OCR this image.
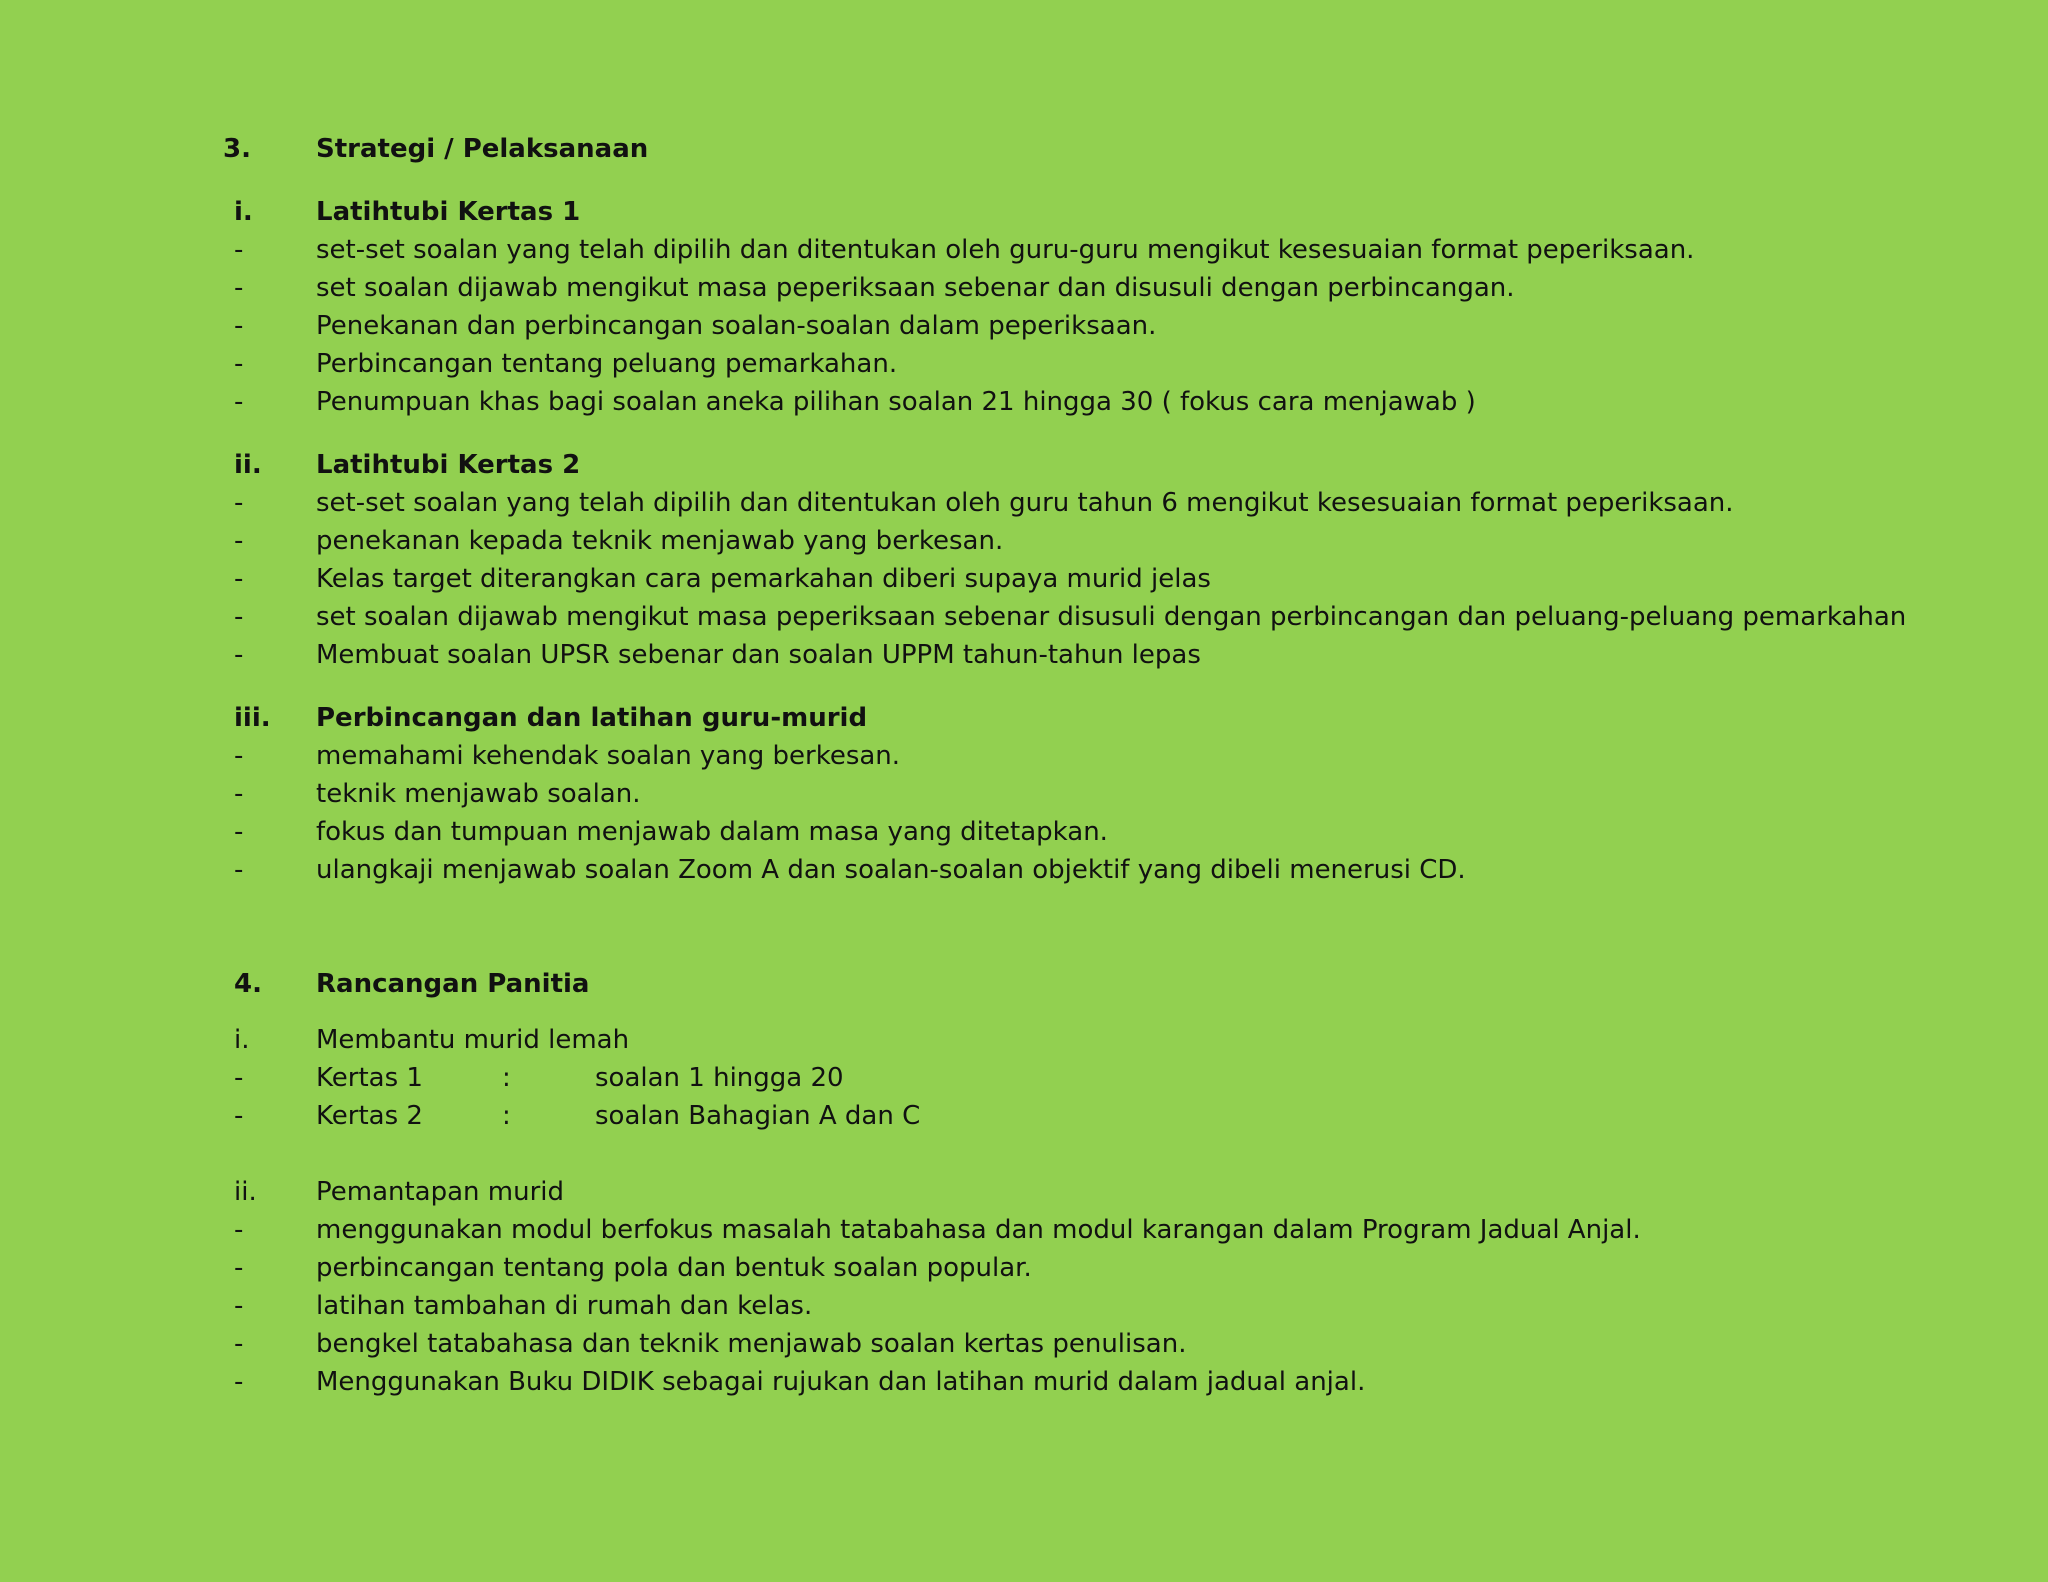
3.	Strategi / Pelaksanaan
i. Latihtubi Kertas 1
-	set-set soalan yang telah dipilih dan ditentukan oleh guru-guru mengikut kesesuaian format peperiksaan.
-	set soalan dijawab mengikut masa peperiksaan sebenar dan disusuli dengan perbincangan.
-	Penekanan dan perbincangan soalan-soalan dalam peperiksaan.
-	Perbincangan tentang peluang pemarkahan.
-	Penumpuan khas bagi soalan aneka pilihan soalan 21 hingga 30 ( fokus cara menjawab )
ii. Latihtubi Kertas 2
-	set-set soalan yang telah dipilih dan ditentukan oleh guru tahun 6 mengikut kesesuaian format peperiksaan.
-	penekanan kepada teknik menjawab yang berkesan.
-	Kelas target diterangkan cara pemarkahan diberi supaya murid jelas
-	set soalan dijawab mengikut masa peperiksaan sebenar disusuli dengan perbincangan dan peluang-peluang pemarkahan
-	Membuat soalan UPSR sebenar dan soalan UPPM tahun-tahun lepas
iii. Perbincangan dan latihan guru-murid
-	memahami kehendak soalan yang berkesan.
-	teknik menjawab soalan.
-	fokus dan tumpuan menjawab dalam masa yang ditetapkan.
-	ulangkaji menjawab soalan Zoom A dan soalan-soalan objektif yang dibeli menerusi CD.
4. Rancangan Panitia
i.	Membantu murid lemah
-	Kertas 1	:	soalan 1 hingga 20
-	Kertas 2	:	soalan Bahagian A dan C
ii. Pemantapan murid
-	menggunakan modul berfokus masalah tatabahasa dan modul karangan dalam Program Jadual Anjal.
-	perbincangan tentang pola dan bentuk soalan popular.
-	latihan tambahan di rumah dan kelas.
-	bengkel tatabahasa dan teknik menjawab soalan kertas penulisan.
-	Menggunakan Buku DIDIK sebagai rujukan dan latihan murid dalam jadual anjal.
